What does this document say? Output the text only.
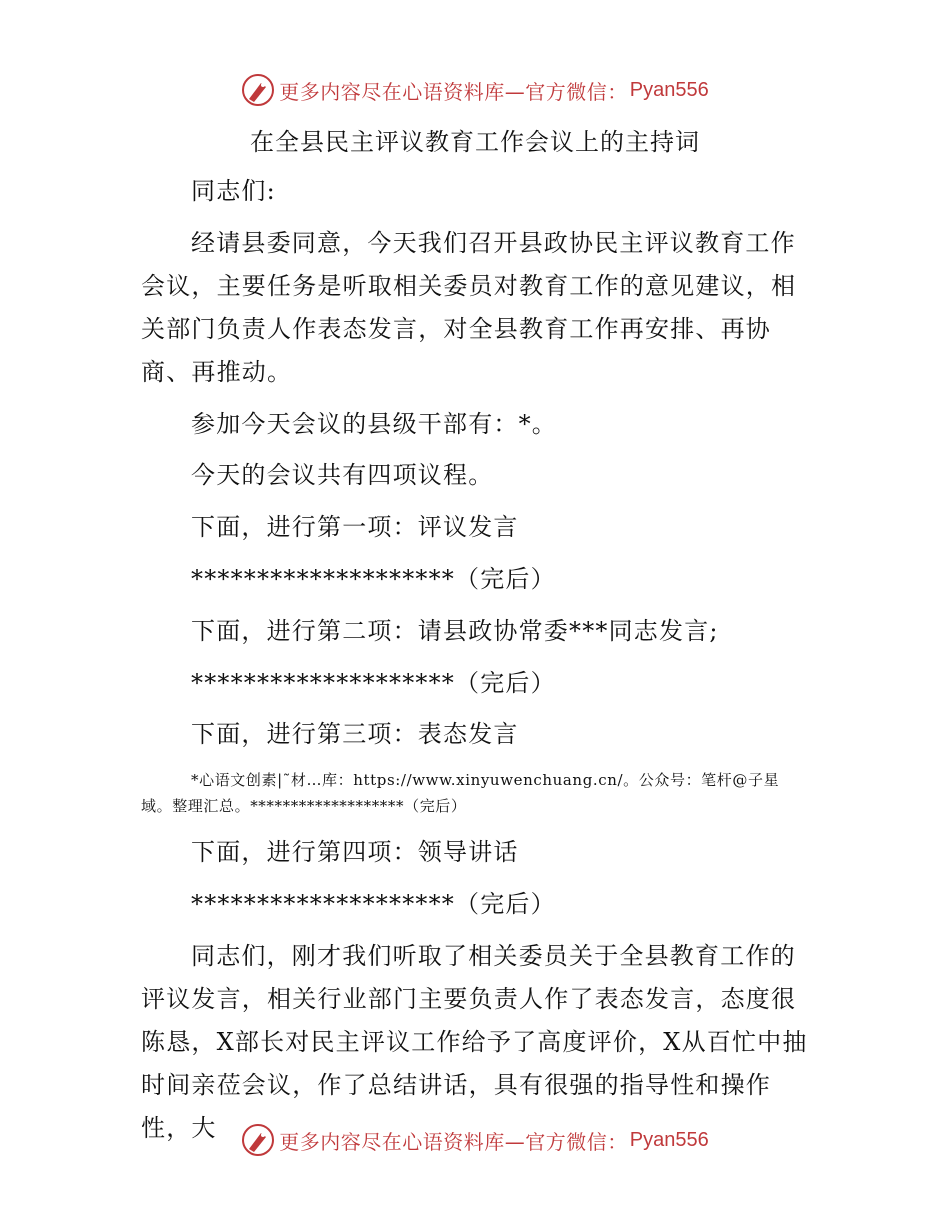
更多内容尽在心语资料库—官方微信： Pyan556
在全县民主评议教育工作会议上的主持词
同志们:
经请县委同意，今天我们召开县政协民主评议教育工作会议，主要任务是听取相关委员对教育工作的意见建议，相关部门负责人作表态发言，对全县教育工作再安排、再协商、再推动。
参加今天会议的县级干部有：*。
今天的会议共有四项议程。
下面，进行第一项：评议发言
********************（完后）
下面，进行第二项：请县政协常委***同志发言;
********************（完后）
下面，进行第三项：表态发言
*心语文创素|˜材…库：https://www.xinyuwenchuang.cn/。公众号：笔杆@子星
域。整理汇总。*******************（完后）
下面，进行第四项：领导讲话
********************（完后）
同志们，刚才我们听取了相关委员关于全县教育工作的评议发言，相关行业部门主要负责人作了表态发言，态度很陈恳，X部长对民主评议工作给予了高度评价，X从百忙中抽时间亲莅会议，作了总结讲话，具有很强的指导性和操作性，大	更多内容尽在心语资料库—官方微信： Pyan556
